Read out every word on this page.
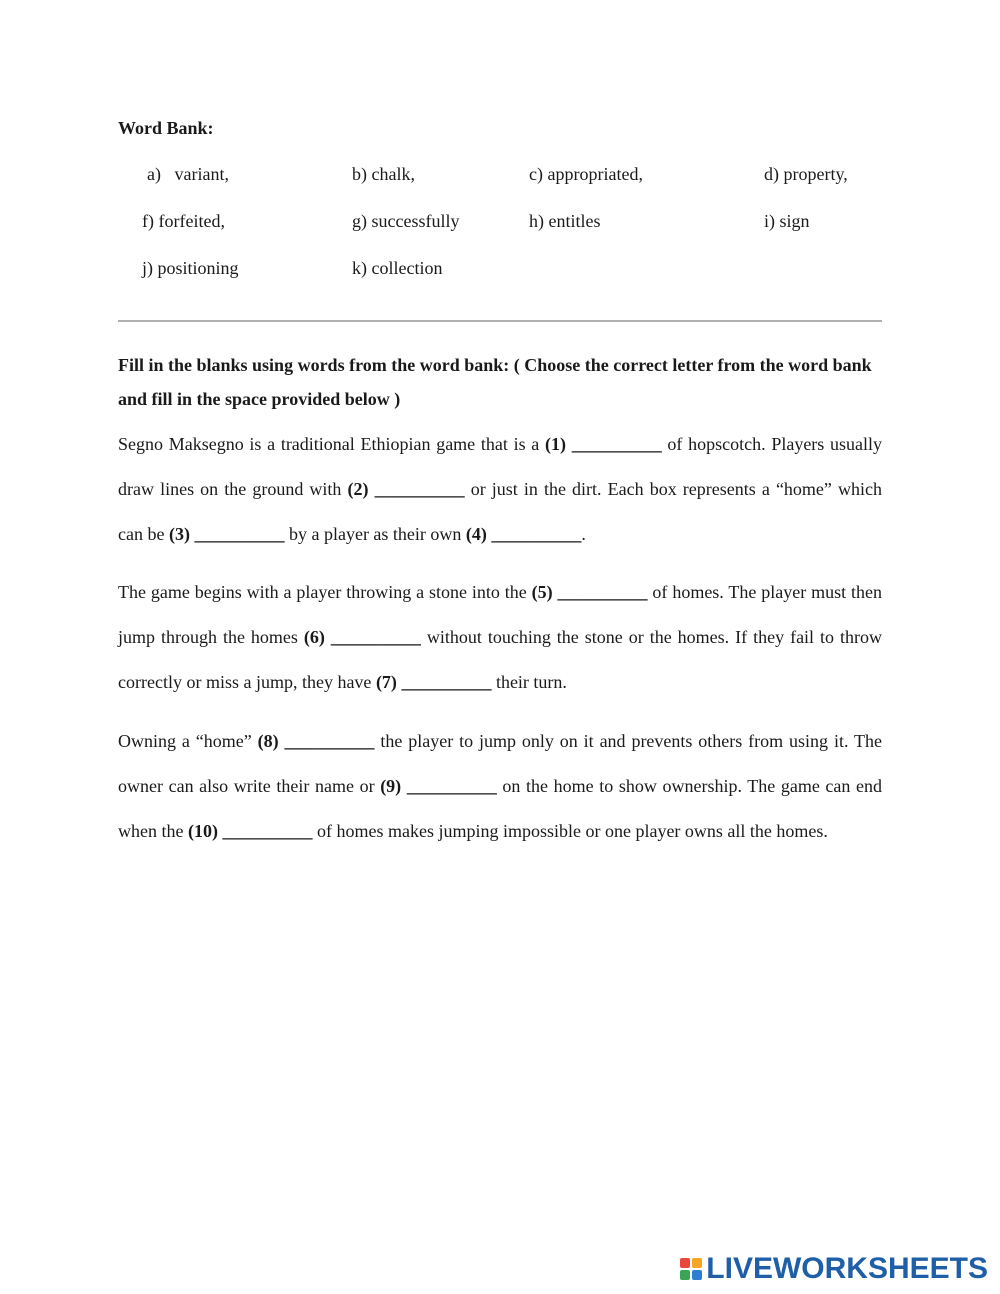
Word Bank:
a)   variant,	b) chalk,	c) appropriated,	d) property,
f) forfeited,	g) successfully	h) entitles	i) sign
j) positioning	k) collection
Fill in the blanks using words from the word bank: ( Choose the correct letter from the word bank and fill in the space provided below )
Segno Maksegno is a traditional Ethiopian game that is a (1) __________ of hopscotch. Players usually draw lines on the ground with (2) __________ or just in the dirt. Each box represents a “home” which can be (3) __________ by a player as their own (4) __________.
The game begins with a player throwing a stone into the (5) __________ of homes. The player must then jump through the homes (6) __________ without touching the stone or the homes. If they fail to throw correctly or miss a jump, they have (7) __________ their turn.
Owning a “home” (8) __________ the player to jump only on it and prevents others from using it. The owner can also write their name or (9) __________ on the home to show ownership. The game can end when the (10) __________ of homes makes jumping impossible or one player owns all the homes.
LIVEWORKSHEETS
